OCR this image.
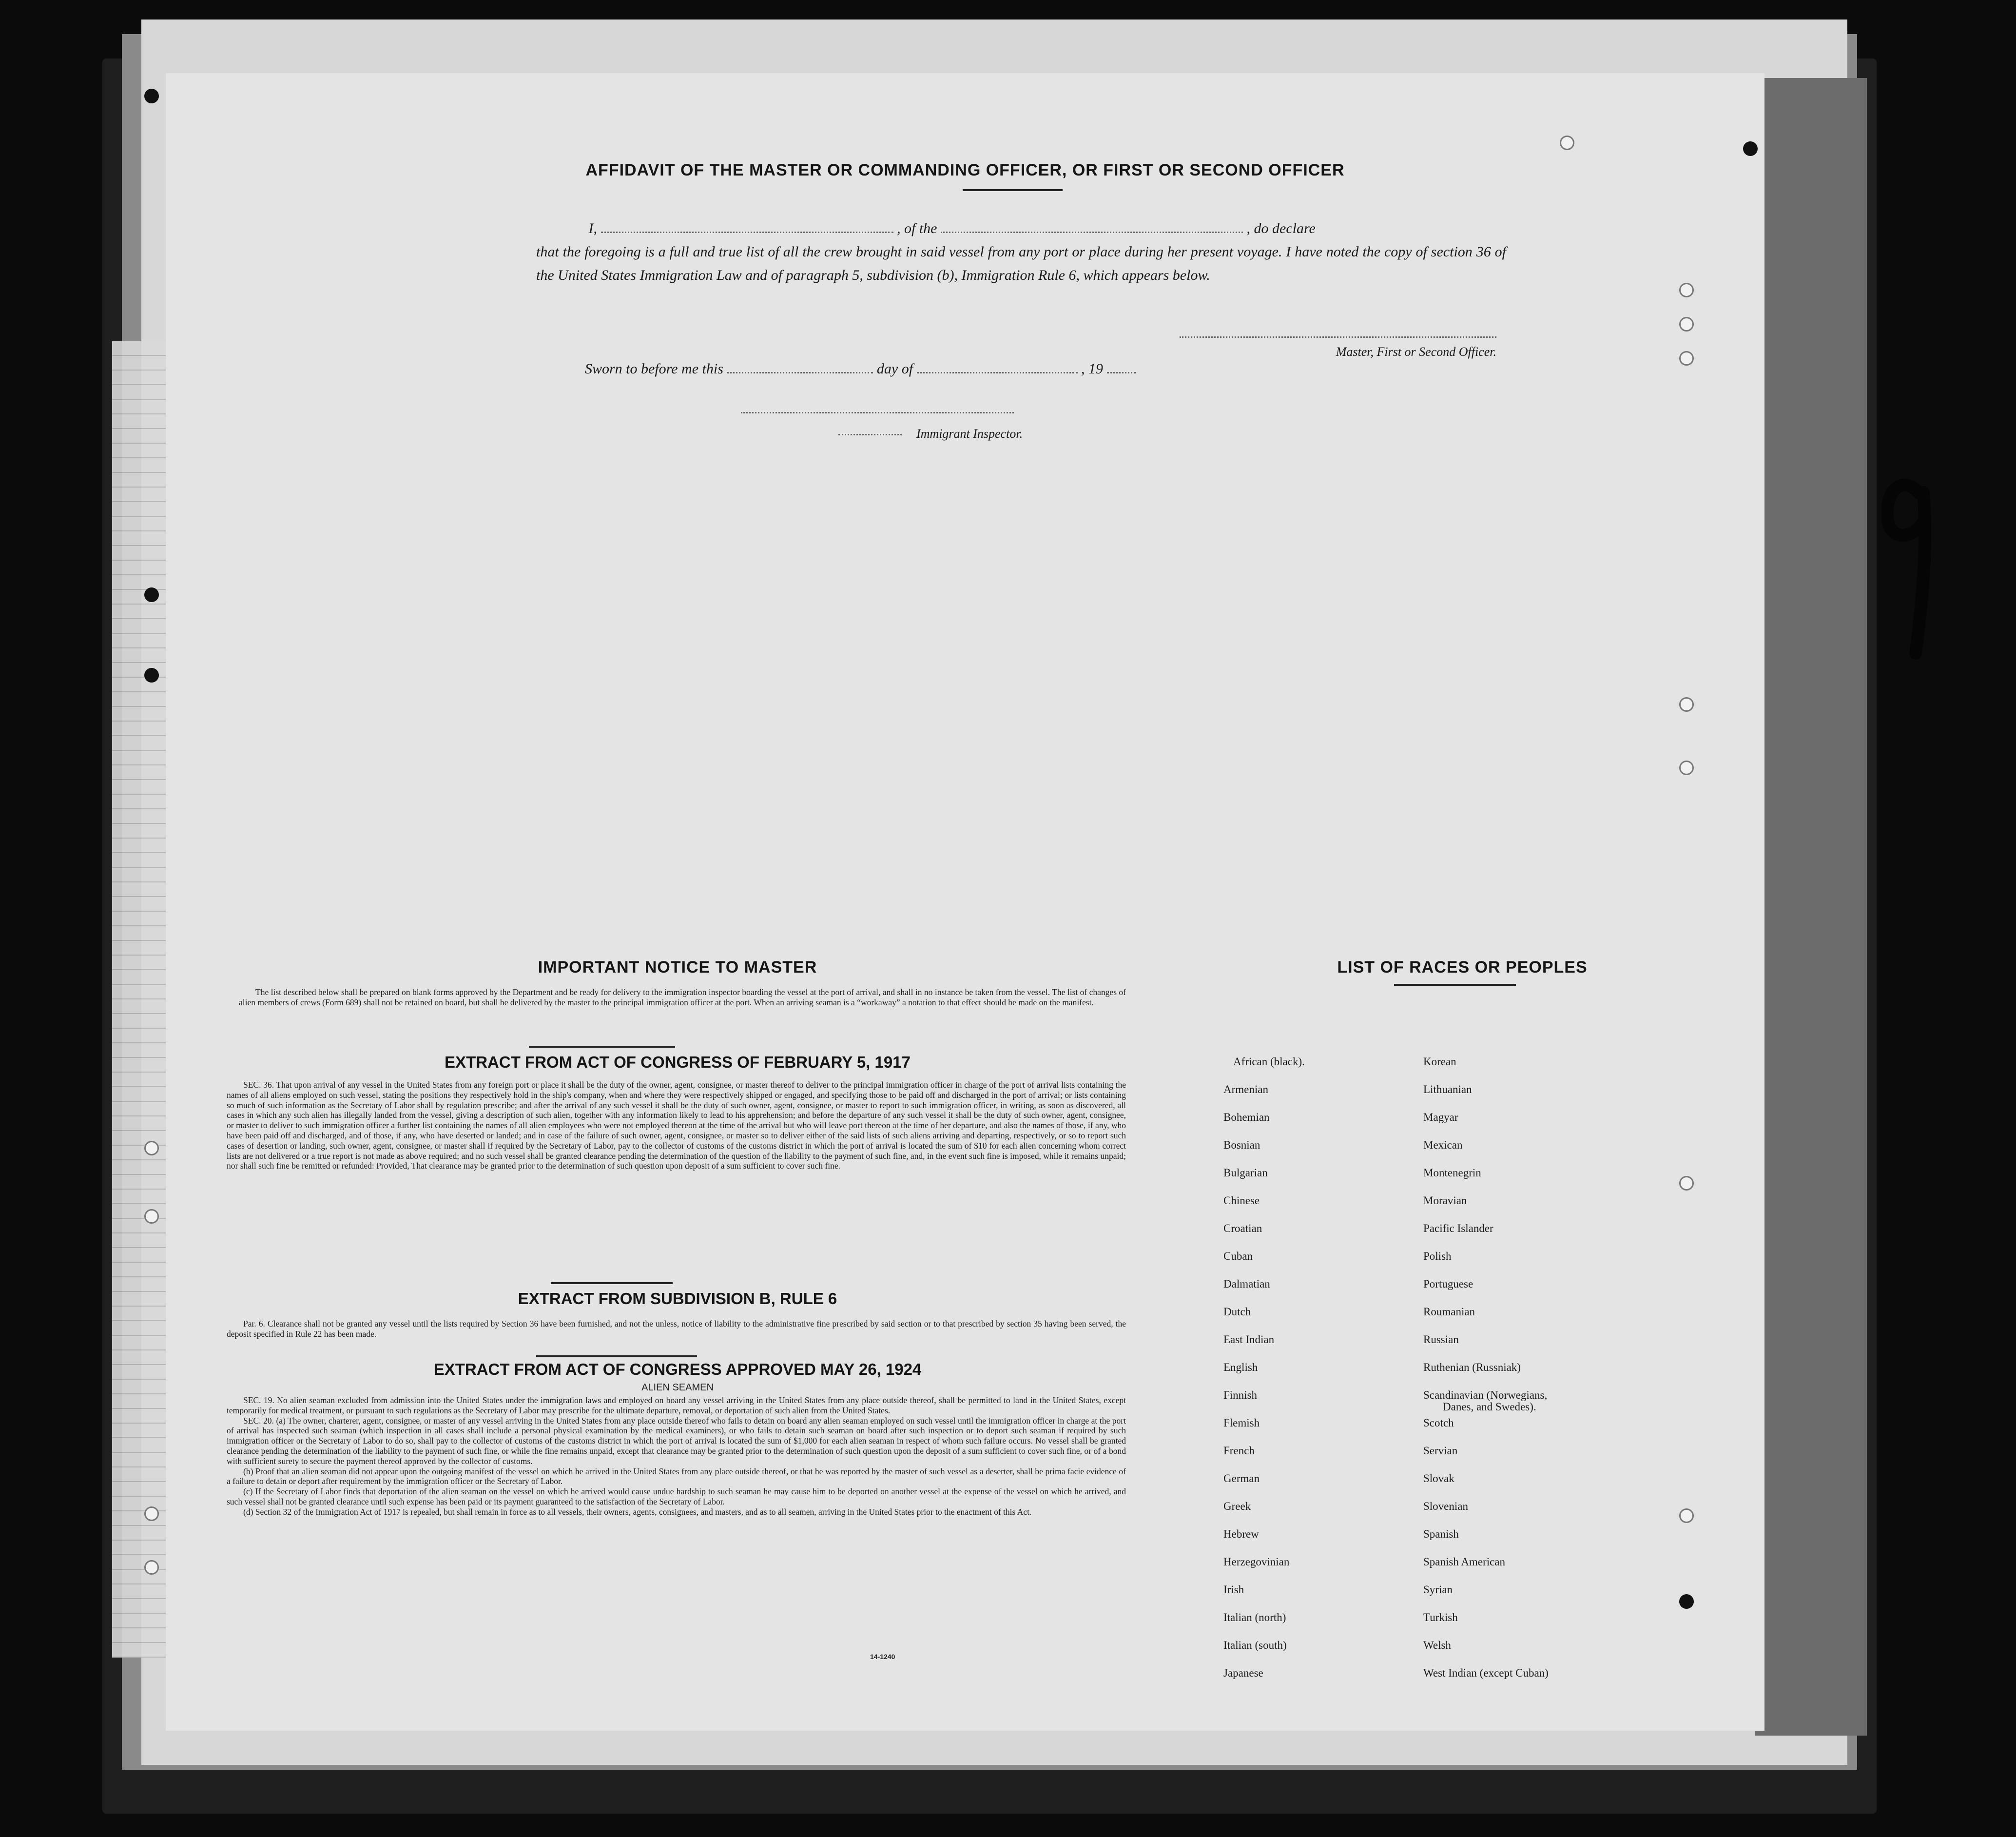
AFFIDAVIT OF THE MASTER OR COMMANDING OFFICER, OR FIRST OR SECOND OFFICER
I,	, of the	, do declare
that the foregoing is a full and true list of all the crew brought in said vessel from any port or place during her present voyage. I have noted the copy of section 36 of the United States Immigration Law and of paragraph 5, subdivision (b), Immigration Rule 6, which appears below.
Master, First or Second Officer.
Sworn to before me this	day of	, 19
Immigrant Inspector.
IMPORTANT NOTICE TO MASTER

The list described below shall be prepared on blank forms approved by the Department and be ready for delivery to the immigration inspector boarding the vessel at the port of arrival, and shall in no instance be taken from the vessel. The list of changes of alien members of crews (Form 689) shall not be retained on board, but shall be delivered by the master to the principal immigration officer at the port. When an arriving seaman is a “workaway” a notation to that effect should be made on the manifest.

EXTRACT FROM ACT OF CONGRESS OF FEBRUARY 5, 1917

SEC. 36. That upon arrival of any vessel in the United States from any foreign port or place it shall be the duty of the owner, agent, consignee, or master thereof to deliver to the principal immigration officer in charge of the port of arrival lists containing the names of all aliens employed on such vessel, stating the positions they respectively hold in the ship's company, when and where they were respectively shipped or engaged, and specifying those to be paid off and discharged in the port of arrival; or lists containing so much of such information as the Secretary of Labor shall by regulation prescribe; and after the arrival of any such vessel it shall be the duty of such owner, agent, consignee, or master to report to such immigration officer, in writing, as soon as discovered, all cases in which any such alien has illegally landed from the vessel, giving a description of such alien, together with any information likely to lead to his apprehension; and before the departure of any such vessel it shall be the duty of such owner, agent, consignee, or master to deliver to such immigration officer a further list containing the names of all alien employees who were not employed thereon at the time of the arrival but who will leave port thereon at the time of her departure, and also the names of those, if any, who have been paid off and discharged, and of those, if any, who have deserted or landed; and in case of the failure of such owner, agent, consignee, or master so to deliver either of the said lists of such aliens arriving and departing, respectively, or so to report such cases of desertion or landing, such owner, agent, consignee, or master shall if required by the Secretary of Labor, pay to the collector of customs of the customs district in which the port of arrival is located the sum of $10 for each alien concerning whom correct lists are not delivered or a true report is not made as above required; and no such vessel shall be granted clearance pending the determination of the question of the liability to the payment of such fine, and, in the event such fine is imposed, while it remains unpaid; nor shall such fine be remitted or refunded: Provided, That clearance may be granted prior to the determination of such question upon deposit of a sum sufficient to cover such fine.

EXTRACT FROM SUBDIVISION B, RULE 6

Par. 6. Clearance shall not be granted any vessel until the lists required by Section 36 have been furnished, and not the unless, notice of liability to the administrative fine prescribed by said section or to that prescribed by section 35 having been served, the deposit specified in Rule 22 has been made.

EXTRACT FROM ACT OF CONGRESS APPROVED MAY 26, 1924
ALIEN SEAMEN

SEC. 19. No alien seaman excluded from admission into the United States under the immigration laws and employed on board any vessel arriving in the United States from any place outside thereof, shall be permitted to land in the United States, except temporarily for medical treatment, or pursuant to such regulations as the Secretary of Labor may prescribe for the ultimate departure, removal, or deportation of such alien from the United States.

SEC. 20. (a) The owner, charterer, agent, consignee, or master of any vessel arriving in the United States from any place outside thereof who fails to detain on board any alien seaman employed on such vessel until the immigration officer in charge at the port of arrival has inspected such seaman (which inspection in all cases shall include a personal physical examination by the medical examiners), or who fails to detain such seaman on board after such inspection or to deport such seaman if required by such immigration officer or the Secretary of Labor to do so, shall pay to the collector of customs of the customs district in which the port of arrival is located the sum of $1,000 for each alien seaman in respect of whom such failure occurs. No vessel shall be granted clearance pending the determination of the liability to the payment of such fine, or while the fine remains unpaid, except that clearance may be granted prior to the determination of such question upon the deposit of a sum sufficient to cover such fine, or of a bond with sufficient surety to secure the payment thereof approved by the collector of customs.

(b) Proof that an alien seaman did not appear upon the outgoing manifest of the vessel on which he arrived in the United States from any place outside thereof, or that he was reported by the master of such vessel as a deserter, shall be prima facie evidence of a failure to detain or deport after requirement by the immigration officer or the Secretary of Labor.

(c) If the Secretary of Labor finds that deportation of the alien seaman on the vessel on which he arrived would cause undue hardship to such seaman he may cause him to be deported on another vessel at the expense of the vessel on which he arrived, and such vessel shall not be granted clearance until such expense has been paid or its payment guaranteed to the satisfaction of the Secretary of Labor.

(d) Section 32 of the Immigration Act of 1917 is repealed, but shall remain in force as to all vessels, their owners, agents, consignees, and masters, and as to all seamen, arriving in the United States prior to the enactment of this Act.

14-1240
LIST OF RACES OR PEOPLES
African (black).
Armenian
Bohemian
Bosnian
Bulgarian
Chinese
Croatian
Cuban
Dalmatian
Dutch
East Indian
English
Finnish
Flemish
French
German
Greek
Hebrew
Herzegovinian
Irish
Italian (north)
Italian (south)
Japanese
Korean
Lithuanian
Magyar
Mexican
Montenegrin
Moravian
Pacific Islander
Polish
Portuguese
Roumanian
Russian
Ruthenian (Russniak)
Scandinavian (Norwegians,
Danes, and Swedes).
Scotch
Servian
Slovak
Slovenian
Spanish
Spanish American
Syrian
Turkish
Welsh
West Indian (except Cuban)
